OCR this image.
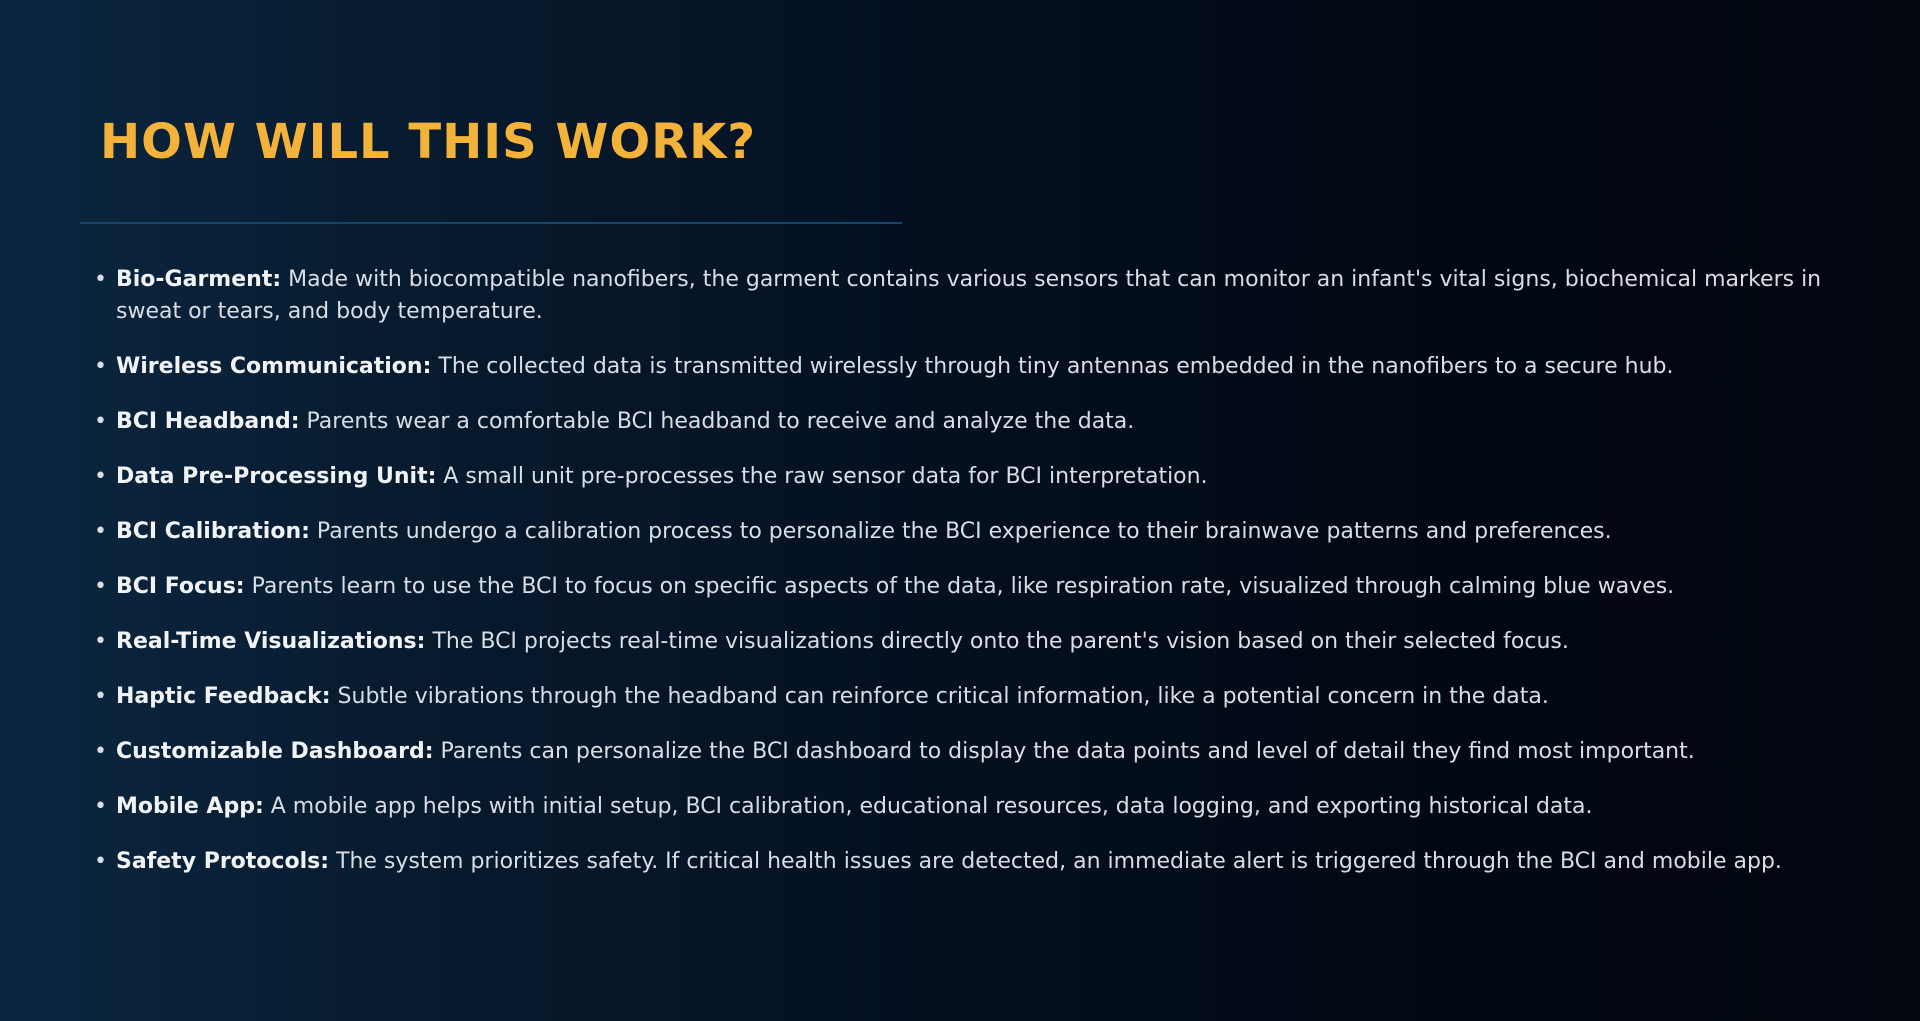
HOW WILL THIS WORK?
• Bio-Garment: Made with biocompatible nanofibers, the garment contains various sensors that can monitor an infant's vital signs, biochemical markers in sweat or tears, and body temperature.
• Wireless Communication: The collected data is transmitted wirelessly through tiny antennas embedded in the nanofibers to a secure hub.
• BCI Headband: Parents wear a comfortable BCI headband to receive and analyze the data.
• Data Pre-Processing Unit: A small unit pre-processes the raw sensor data for BCI interpretation.
• BCI Calibration: Parents undergo a calibration process to personalize the BCI experience to their brainwave patterns and preferences.
• BCI Focus: Parents learn to use the BCI to focus on specific aspects of the data, like respiration rate, visualized through calming blue waves.
• Real-Time Visualizations: The BCI projects real-time visualizations directly onto the parent's vision based on their selected focus.
• Haptic Feedback: Subtle vibrations through the headband can reinforce critical information, like a potential concern in the data.
• Customizable Dashboard: Parents can personalize the BCI dashboard to display the data points and level of detail they find most important.
• Mobile App: A mobile app helps with initial setup, BCI calibration, educational resources, data logging, and exporting historical data.
• Safety Protocols: The system prioritizes safety. If critical health issues are detected, an immediate alert is triggered through the BCI and mobile app.
